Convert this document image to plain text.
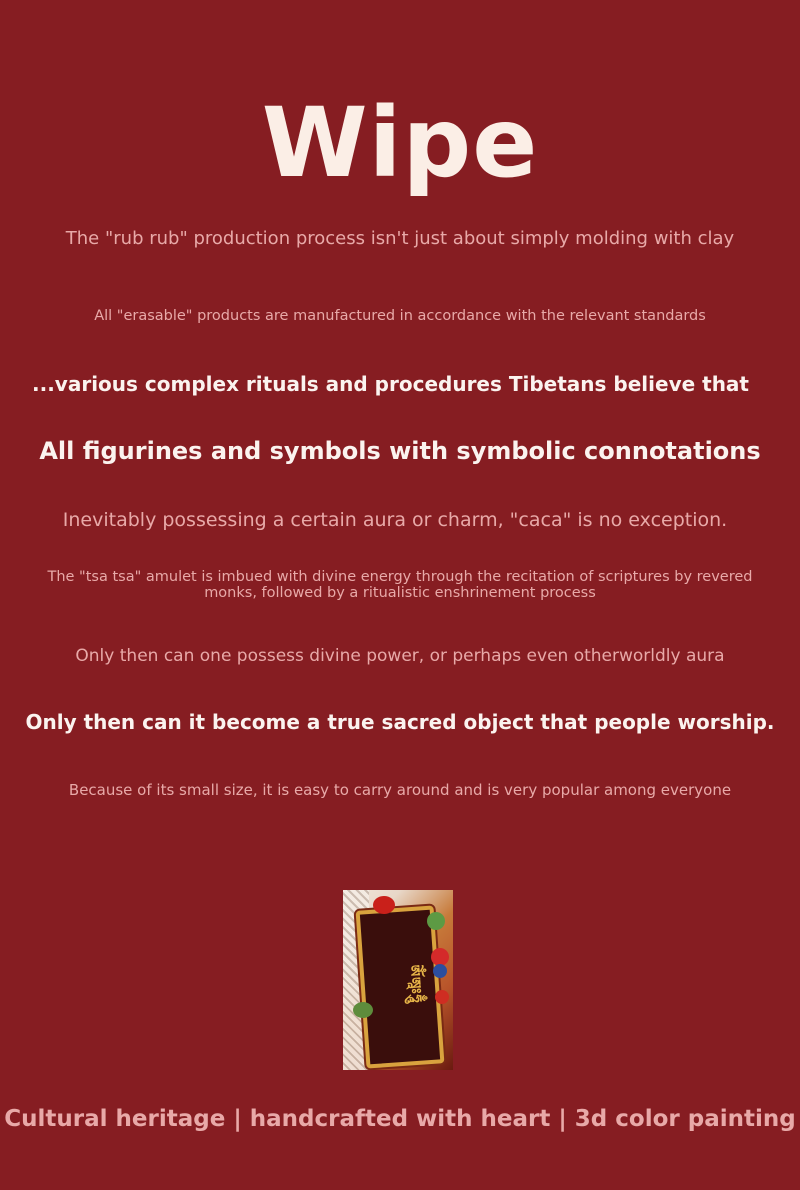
Wipe
The "rub rub" production process isn't just about simply molding with clay
All "erasable" products are manufactured in accordance with the relevant standards
...various complex rituals and procedures Tibetans believe that
All figurines and symbols with symbolic connotations
Inevitably possessing a certain aura or charm, "caca" is no exception.
The "tsa tsa" amulet is imbued with divine energy through the recitation of scriptures by revered monks, followed by a ritualistic enshrinement process
Only then can one possess divine power, or perhaps even otherworldly aura
Only then can it become a true sacred object that people worship.
Because of its small size, it is easy to carry around and is very popular among everyone
ༀཨཱཿཧཱུྃ
Cultural heritage | handcrafted with heart | 3d color painting
